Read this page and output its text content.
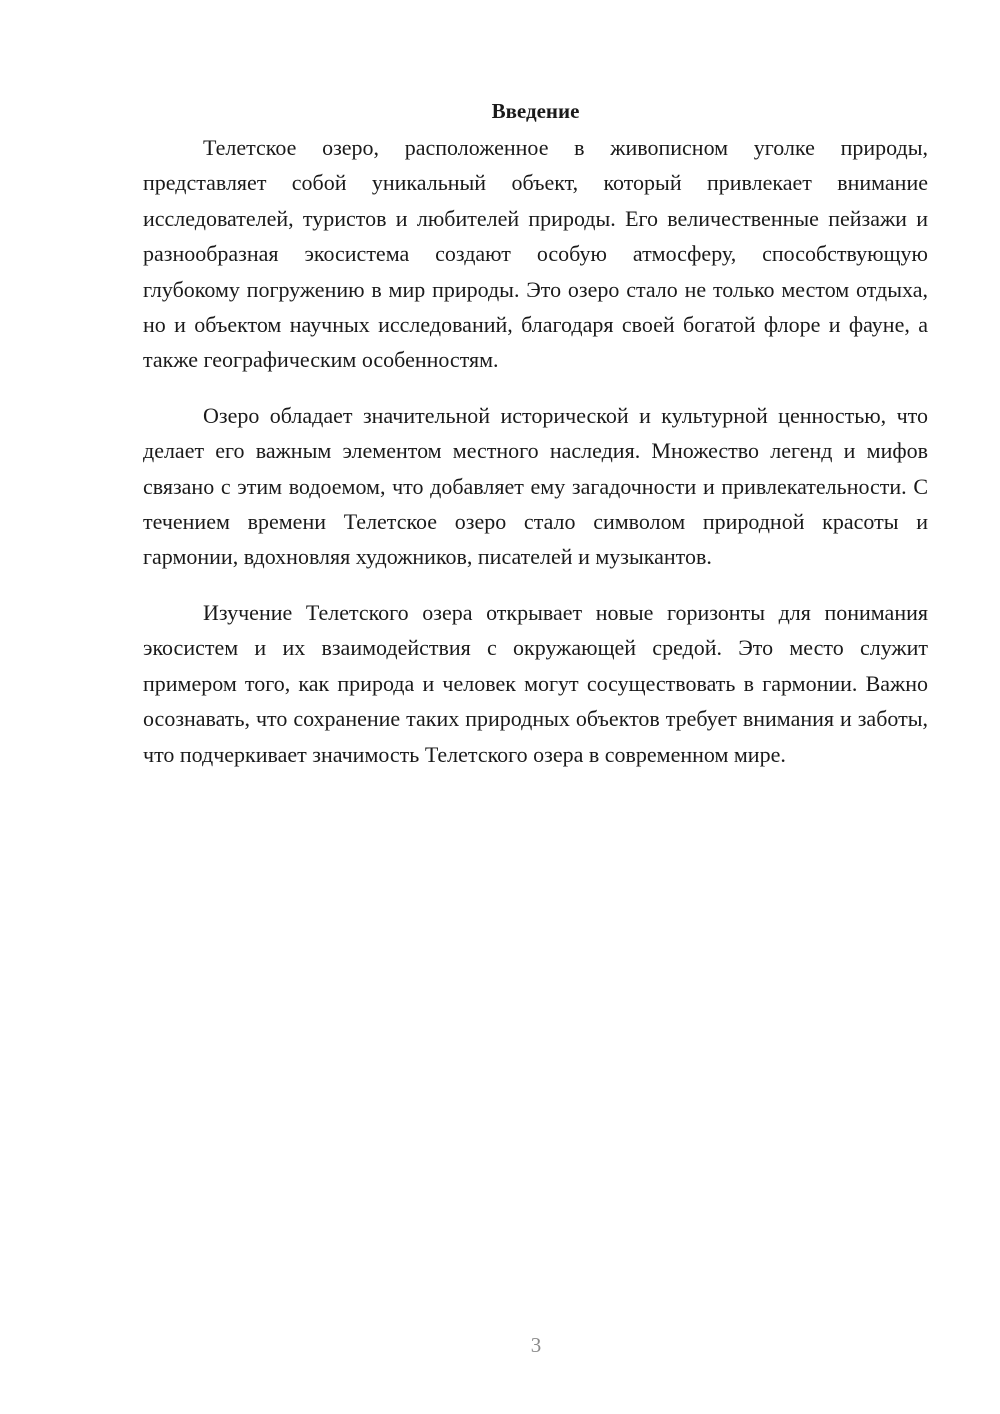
Введение

Телетское озеро, расположенное в живописном уголке природы, представляет собой уникальный объект, который привлекает внимание исследователей, туристов и любителей природы. Его величественные пейзажи и разнообразная экосистема создают особую атмосферу, способствующую глубокому погружению в мир природы. Это озеро стало не только местом отдыха, но и объектом научных исследований, благодаря своей богатой флоре и фауне, а также географическим особенностям.

Озеро обладает значительной исторической и культурной ценностью, что делает его важным элементом местного наследия. Множество легенд и мифов связано с этим водоемом, что добавляет ему загадочности и привлекательности. С течением времени Телетское озеро стало символом природной красоты и гармонии, вдохновляя художников, писателей и музыкантов.

Изучение Телетского озера открывает новые горизонты для понимания экосистем и их взаимодействия с окружающей средой. Это место служит примером того, как природа и человек могут сосуществовать в гармонии. Важно осознавать, что сохранение таких природных объектов требует внимания и заботы, что подчеркивает значимость Телетского озера в современном мире.

3
